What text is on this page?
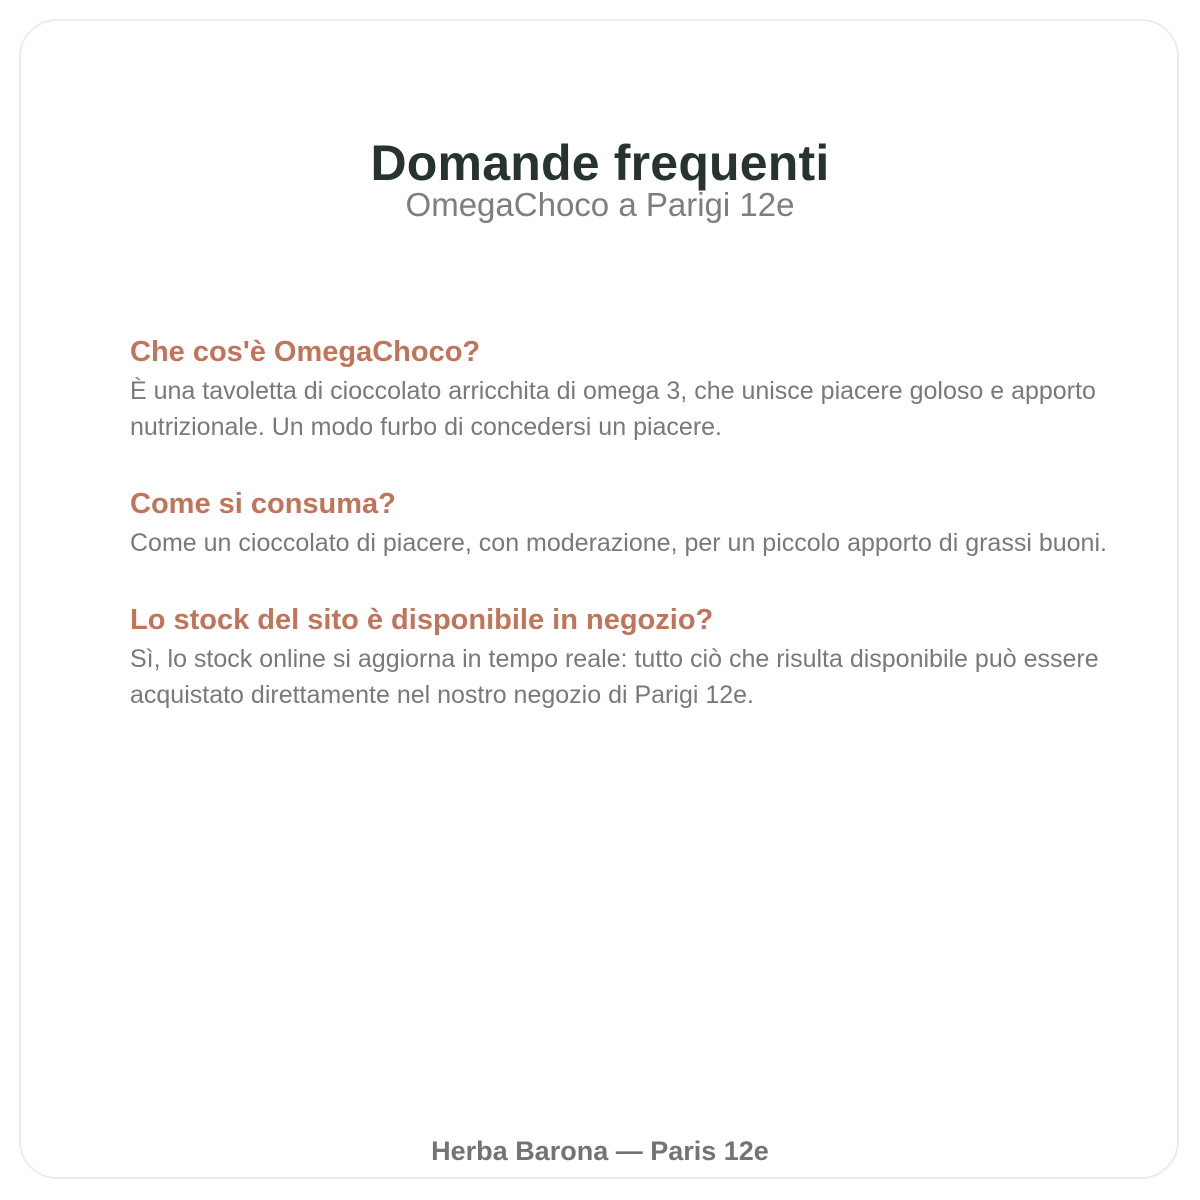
Domande frequenti
OmegaChoco a Parigi 12e
Che cos'è OmegaChoco?

È una tavoletta di cioccolato arricchita di omega 3, che unisce piacere goloso e apporto nutrizionale. Un modo furbo di concedersi un piacere.

Come si consuma?

Come un cioccolato di piacere, con moderazione, per un piccolo apporto di grassi buoni.

Lo stock del sito è disponibile in negozio?

Sì, lo stock online si aggiorna in tempo reale: tutto ciò che risulta disponibile può essere acquistato direttamente nel nostro negozio di Parigi 12e.

Herba Barona — Paris 12e
